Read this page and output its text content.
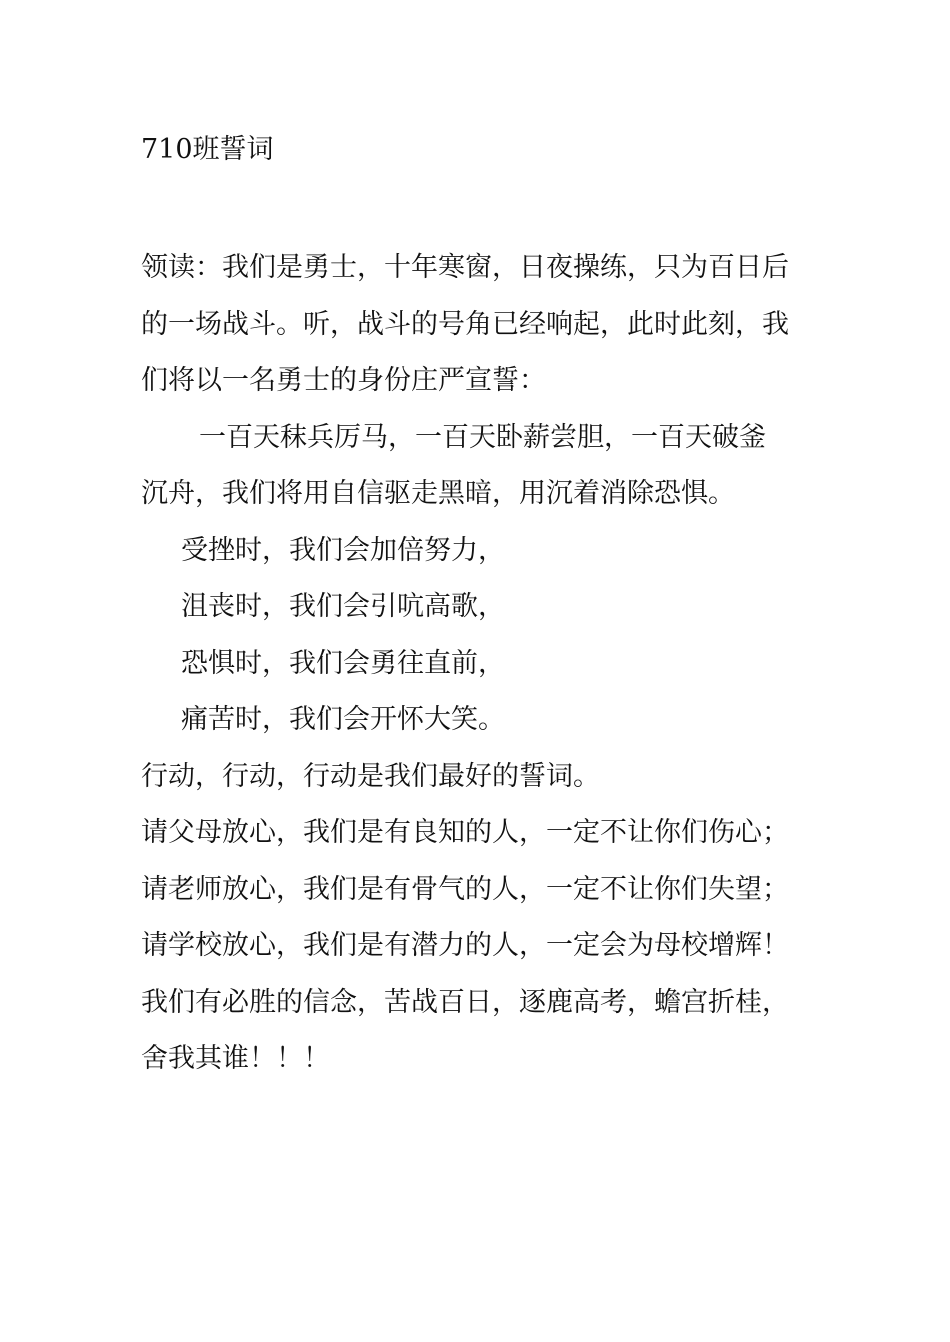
710班誓词
领读：我们是勇士，十年寒窗，日夜操练，只为百日后
的一场战斗。听，战斗的号角已经响起，此时此刻，我
们将以一名勇士的身份庄严宣誓：
一百天秣兵厉马，一百天卧薪尝胆，一百天破釜
沉舟，我们将用自信驱走黑暗，用沉着消除恐惧。
受挫时，我们会加倍努力，
沮丧时，我们会引吭高歌，
恐惧时，我们会勇往直前，
痛苦时，我们会开怀大笑。
行动，行动，行动是我们最好的誓词。
请父母放心，我们是有良知的人，一定不让你们伤心；
请老师放心，我们是有骨气的人，一定不让你们失望；
请学校放心，我们是有潜力的人，一定会为母校增辉！
我们有必胜的信念，苦战百日，逐鹿高考，蟾宫折桂，
舍我其谁！！！
